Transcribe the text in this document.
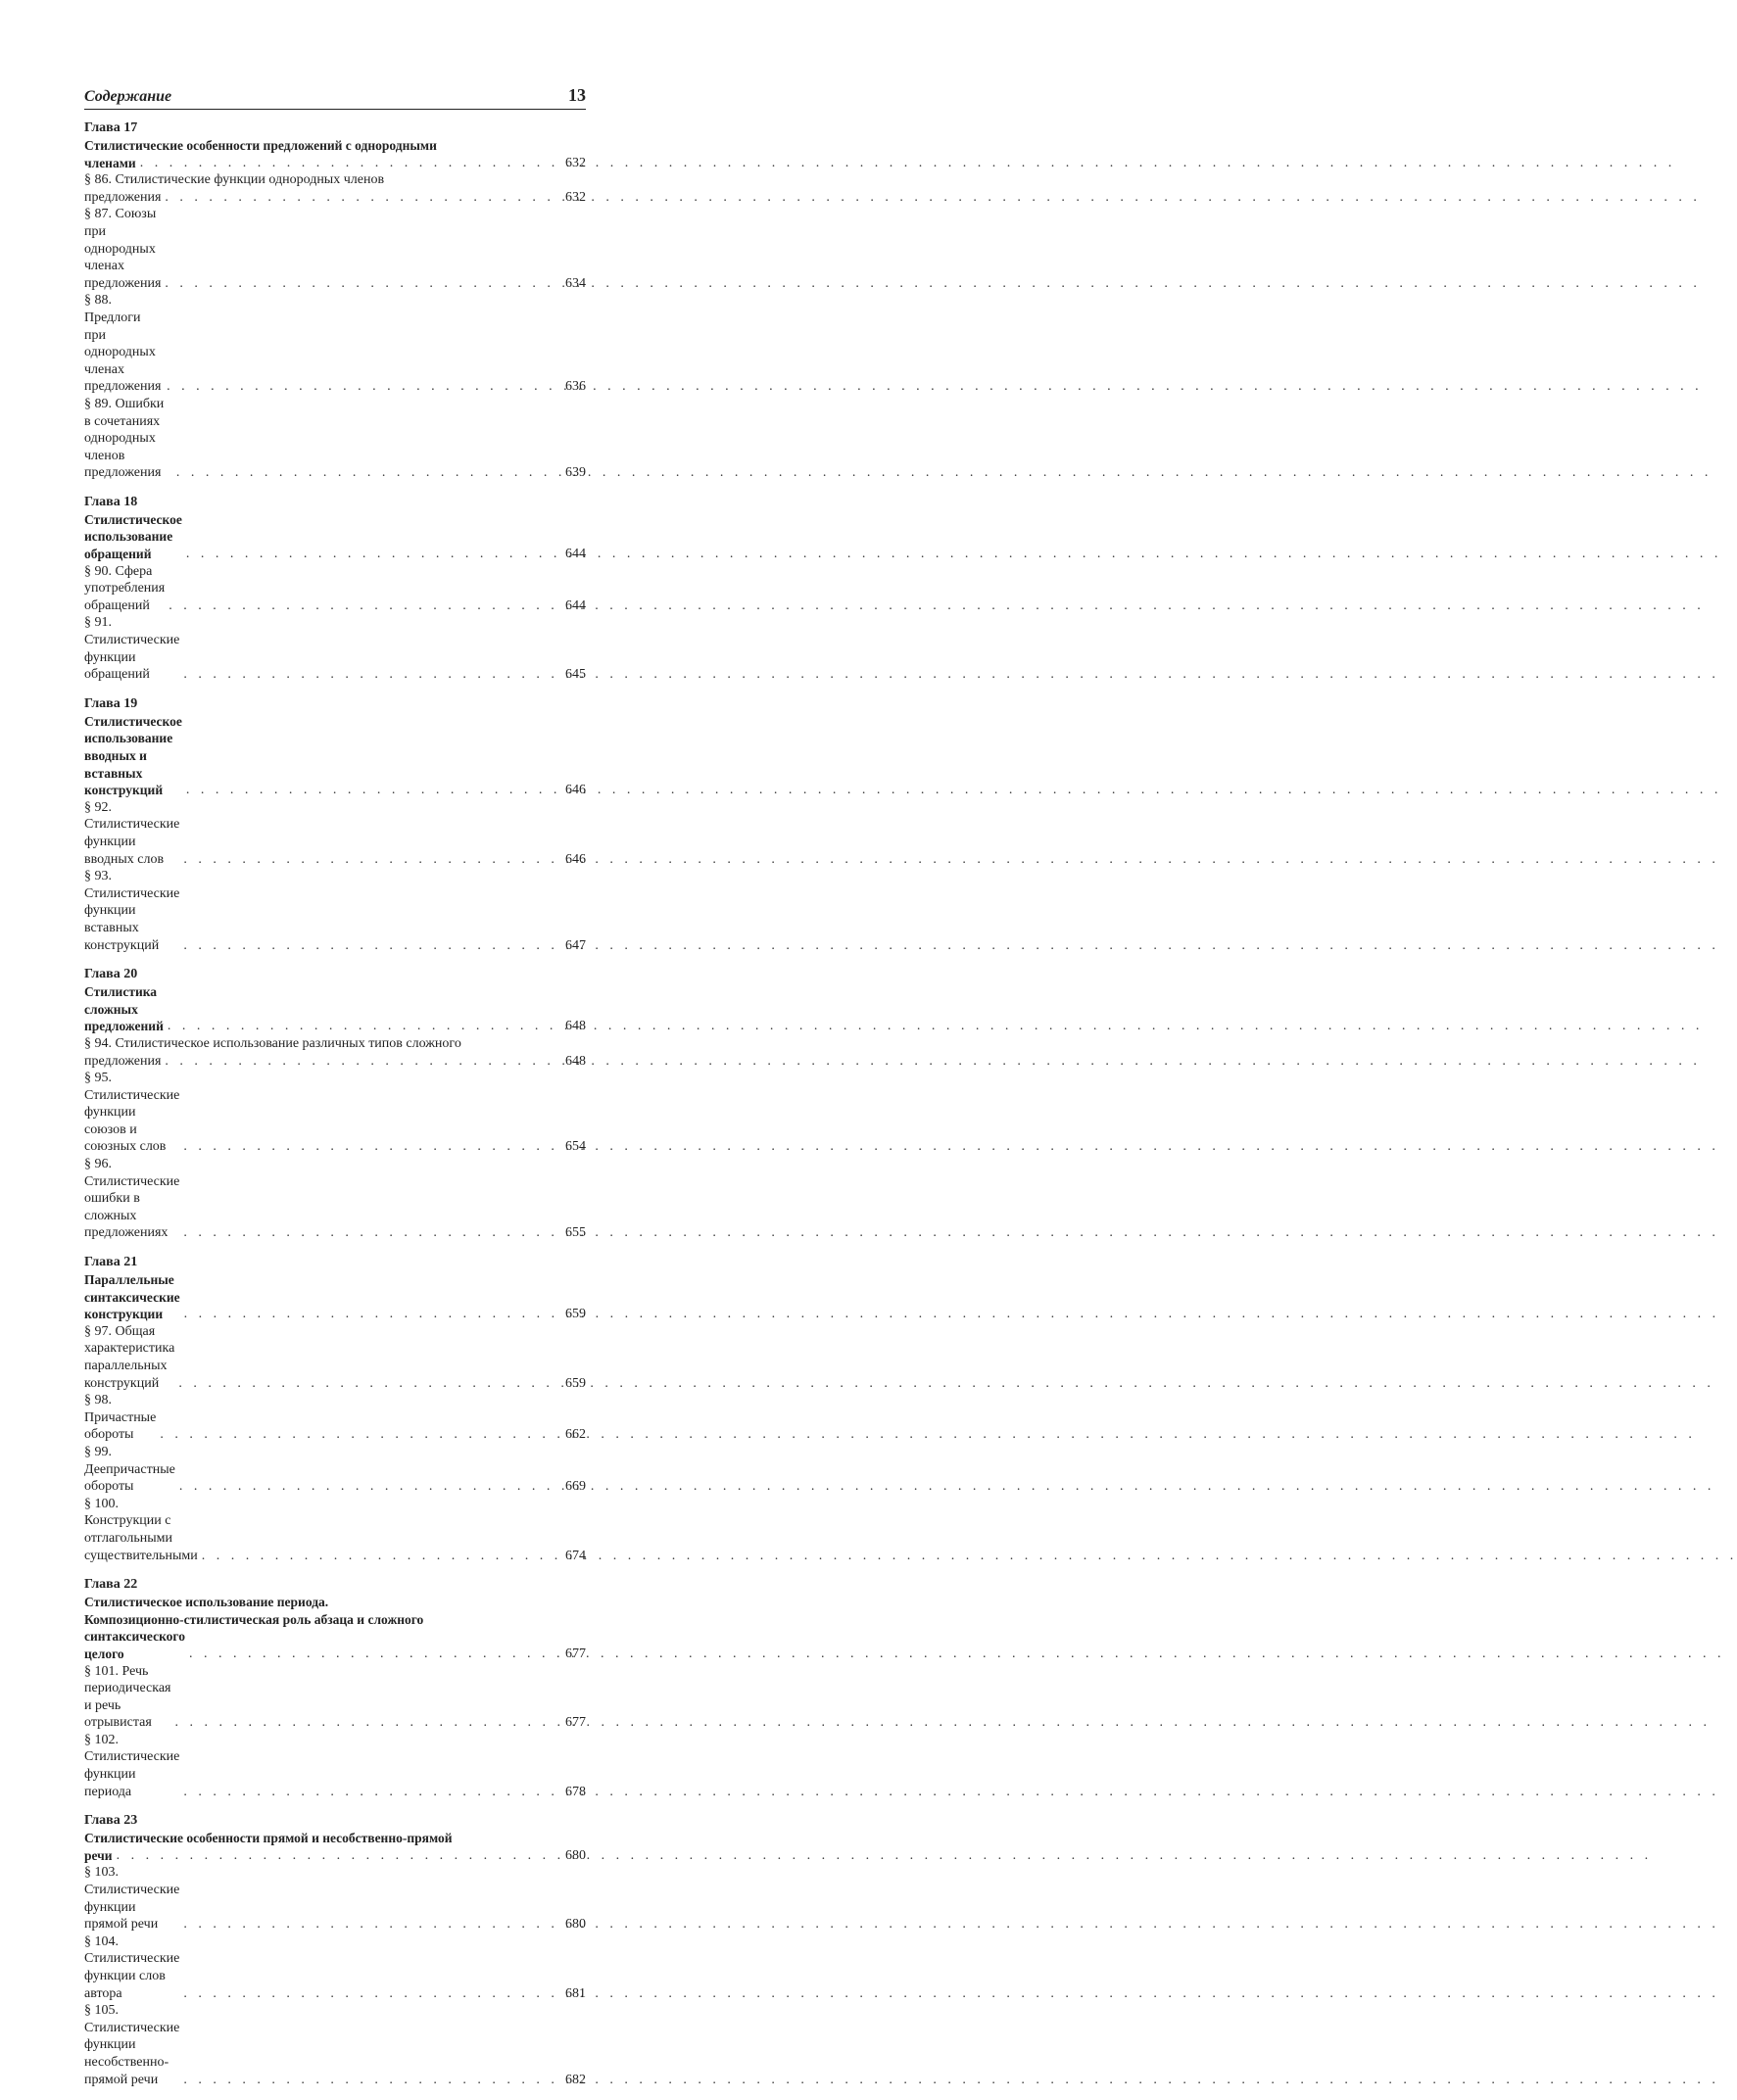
Содержание	13
Глава 17
Стилистические особенности предложений с однородными
членами . . .	632
§ 86. Стилистические функции однородных членов
предложения . . .	632
§ 87. Союзы при однородных членах предложения . . .	634
§ 88. Предлоги при однородных членах предложения . . .	636
§ 89. Ошибки в сочетаниях однородных членов предложения . . .	639
Глава 18
Стилистическое использование обращений . . .	644
§ 90. Сфера употребления обращений . . .	644
§ 91. Стилистические функции обращений . . .	645
Глава 19
Стилистическое использование вводных и вставных конструкций . . .	646
§ 92. Стилистические функции вводных слов . . .	646
§ 93. Стилистические функции вставных конструкций . . .	647
Глава 20
Стилистика сложных предложений . . .	648
§ 94. Стилистическое использование различных типов сложного
предложения . . .	648
§ 95. Стилистические функции союзов и союзных слов . . .	654
§ 96. Стилистические ошибки в сложных предложениях . . .	655
Глава 21
Параллельные синтаксические конструкции . . .	659
§ 97. Общая характеристика параллельных конструкций . . .	659
§ 98. Причастные обороты . . .	662
§ 99. Деепричастные обороты . . .	669
§ 100. Конструкции с отглагольными существительными . . .	674
Глава 22
Стилистическое использование периода.
Композиционно-стилистическая роль абзаца и сложного
синтаксического целого . . .	677
§ 101. Речь периодическая и речь отрывистая . . .	677
§ 102. Стилистические функции периода . . .	678
Глава 23
Стилистические особенности прямой и несобственно-прямой
речи . . .	680
§ 103. Стилистические функции прямой речи . . .	680
§ 104. Стилистические функции слов автора . . .	681
§ 105. Стилистические функции несобственно-прямой речи . . .	682
